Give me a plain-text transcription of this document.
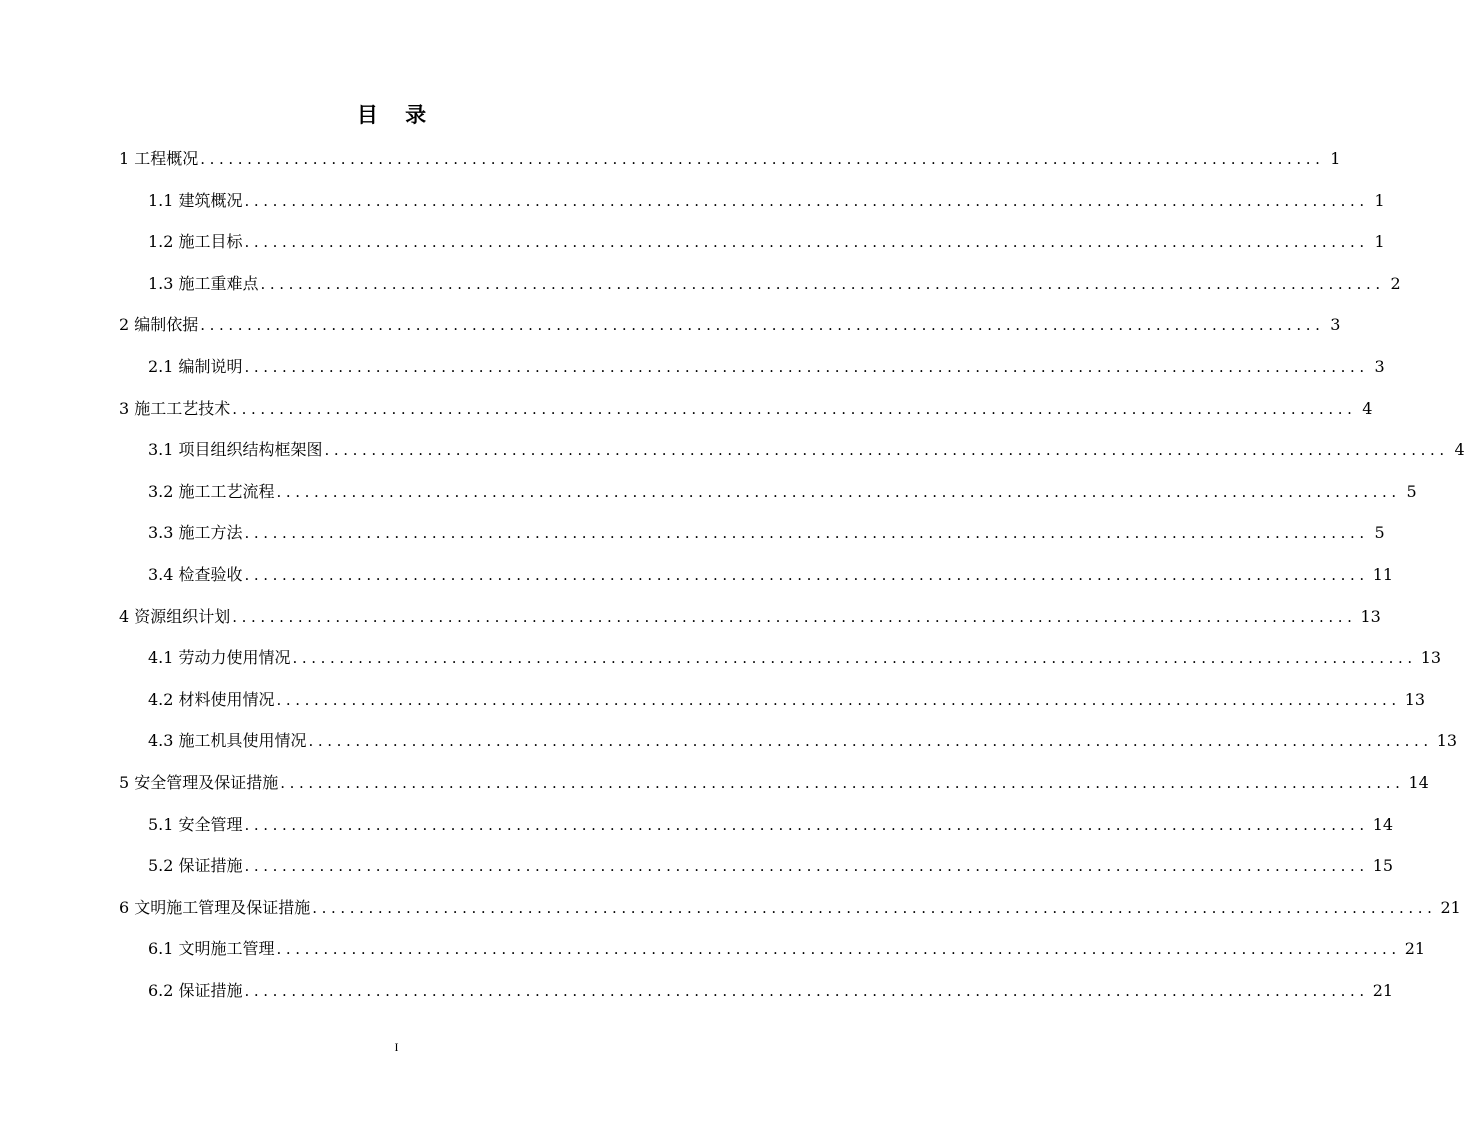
目 录
1 工程概况 ........................................................................................................................ 1
1.1 建筑概况 ........................................................................................................................ 1
1.2 施工目标 ........................................................................................................................ 1
1.3 施工重难点 ........................................................................................................................ 2
2 编制依据 ........................................................................................................................ 3
2.1 编制说明 ........................................................................................................................ 3
3 施工工艺技术 ........................................................................................................................ 4
3.1 项目组织结构框架图 ........................................................................................................................ 4
3.2 施工工艺流程 ........................................................................................................................ 5
3.3 施工方法 ........................................................................................................................ 5
3.4 检查验收 ........................................................................................................................ 11
4 资源组织计划 ........................................................................................................................ 13
4.1 劳动力使用情况 ........................................................................................................................ 13
4.2 材料使用情况 ........................................................................................................................ 13
4.3 施工机具使用情况 ........................................................................................................................ 13
5 安全管理及保证措施 ........................................................................................................................ 14
5.1 安全管理 ........................................................................................................................ 14
5.2 保证措施 ........................................................................................................................ 15
6 文明施工管理及保证措施 ........................................................................................................................ 21
6.1 文明施工管理 ........................................................................................................................ 21
6.2 保证措施 ........................................................................................................................ 21
I
